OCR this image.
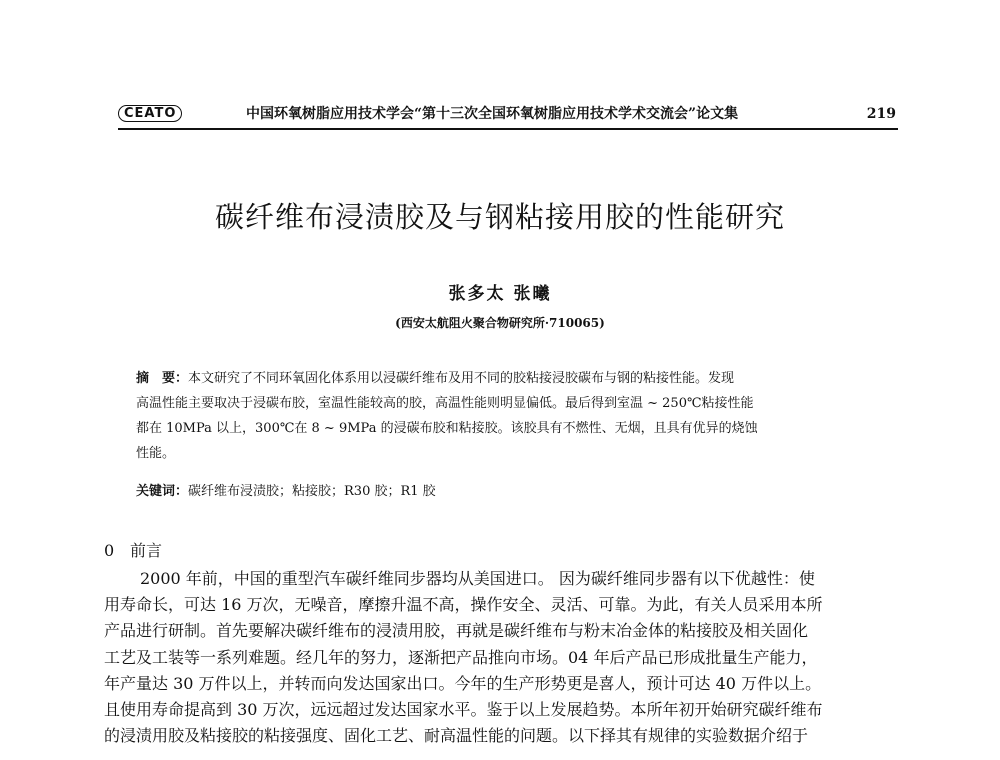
CEATO	中国环氧树脂应用技术学会“第十三次全国环氧树脂应用技术学术交流会”论文集	219
碳纤维布浸渍胶及与钢粘接用胶的性能研究
张多太 张曦
(西安太航阻火聚合物研究所·710065)
摘　要：本文研究了不同环氧固化体系用以浸碳纤维布及用不同的胶粘接浸胶碳布与钢的粘接性能。发现
高温性能主要取决于浸碳布胶，室温性能较高的胶，高温性能则明显偏低。最后得到室温 ~ 250℃粘接性能
都在 10MPa 以上，300℃在 8 ~ 9MPa 的浸碳布胶和粘接胶。该胶具有不燃性、无烟，且具有优异的烧蚀
性能。
关键词：碳纤维布浸渍胶；粘接胶；R30 胶；R1 胶
0 前言
2000 年前，中国的重型汽车碳纤维同步器均从美国进口。 因为碳纤维同步器有以下优越性：使
用寿命长，可达 16 万次，无噪音，摩擦升温不高，操作安全、灵活、可靠。为此，有关人员采用本所
产品进行研制。首先要解决碳纤维布的浸渍用胶，再就是碳纤维布与粉末冶金体的粘接胶及相关固化
工艺及工装等一系列难题。经几年的努力，逐渐把产品推向市场。04 年后产品已形成批量生产能力，
年产量达 30 万件以上，并转而向发达国家出口。今年的生产形势更是喜人，预计可达 40 万件以上。
且使用寿命提高到 30 万次，远远超过发达国家水平。鉴于以上发展趋势。本所年初开始研究碳纤维布
的浸渍用胶及粘接胶的粘接强度、固化工艺、耐高温性能的问题。以下择其有规律的实验数据介绍于
